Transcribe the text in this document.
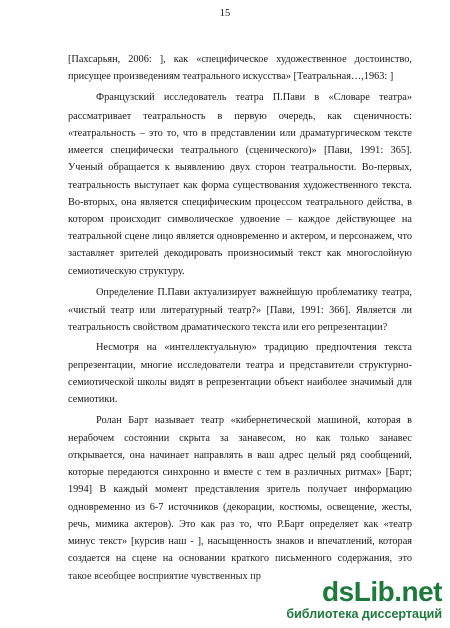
15
[Пахсарьян, 2006: ], как «специфическое художественное достоинство,
присущее произведениям театрального искусства» [Театральная…,1963: ]
Французский исследователь театра П.Пави в «Словаре театра»
рассматривает театральность в первую очередь, как сценичность:
«театральность – это то, что в представлении или драматургическом тексте
имеется специфически театрального (сценического)» [Пави, 1991: 365].
Ученый обращается к выявлению двух сторон театральности. Во-первых,
театральность выступает как форма существования художественного текста.
Во-вторых, она является специфическим процессом театрального действа, в
котором происходит символическое удвоение – каждое действующее на
театральной сцене лицо является одновременно и актером, и персонажем, что
заставляет зрителей декодировать произносимый текст как многослойную
семиотическую структуру.
Определение П.Пави актуализирует важнейшую проблематику театра,
«чистый театр или литературный театр?» [Пави, 1991: 366]. Является ли
театральность свойством драматического текста или его репрезентации?
Несмотря на «интеллектуальную» традицию предпочтения текста
репрезентации, многие исследователи театра и представители структурно-
семиотической школы видят в репрезентации объект наиболее значимый для
семиотики.
Ролан Барт называет театр «кибернетической машиной, которая в
нерабочем состоянии скрыта за занавесом, но как только занавес
открывается, она начинает направлять в ваш адрес целый ряд сообщений,
которые передаются синхронно и вместе с тем в различных ритмах» [Барт;
1994] В каждый момент представления зритель получает информацию
одновременно из 6-7 источников (декорации, костюмы, освещение, жесты,
речь, мимика актеров). Это как раз то, что Р.Барт определяет как «театр
минус текст» [курсив наш - ], насыщенность знаков и впечатлений, которая
создается на сцене на основании краткого письменного содержания, это
такое всеобщее восприятие чувственных пр	dsLib.net
библиотека диссертаций
